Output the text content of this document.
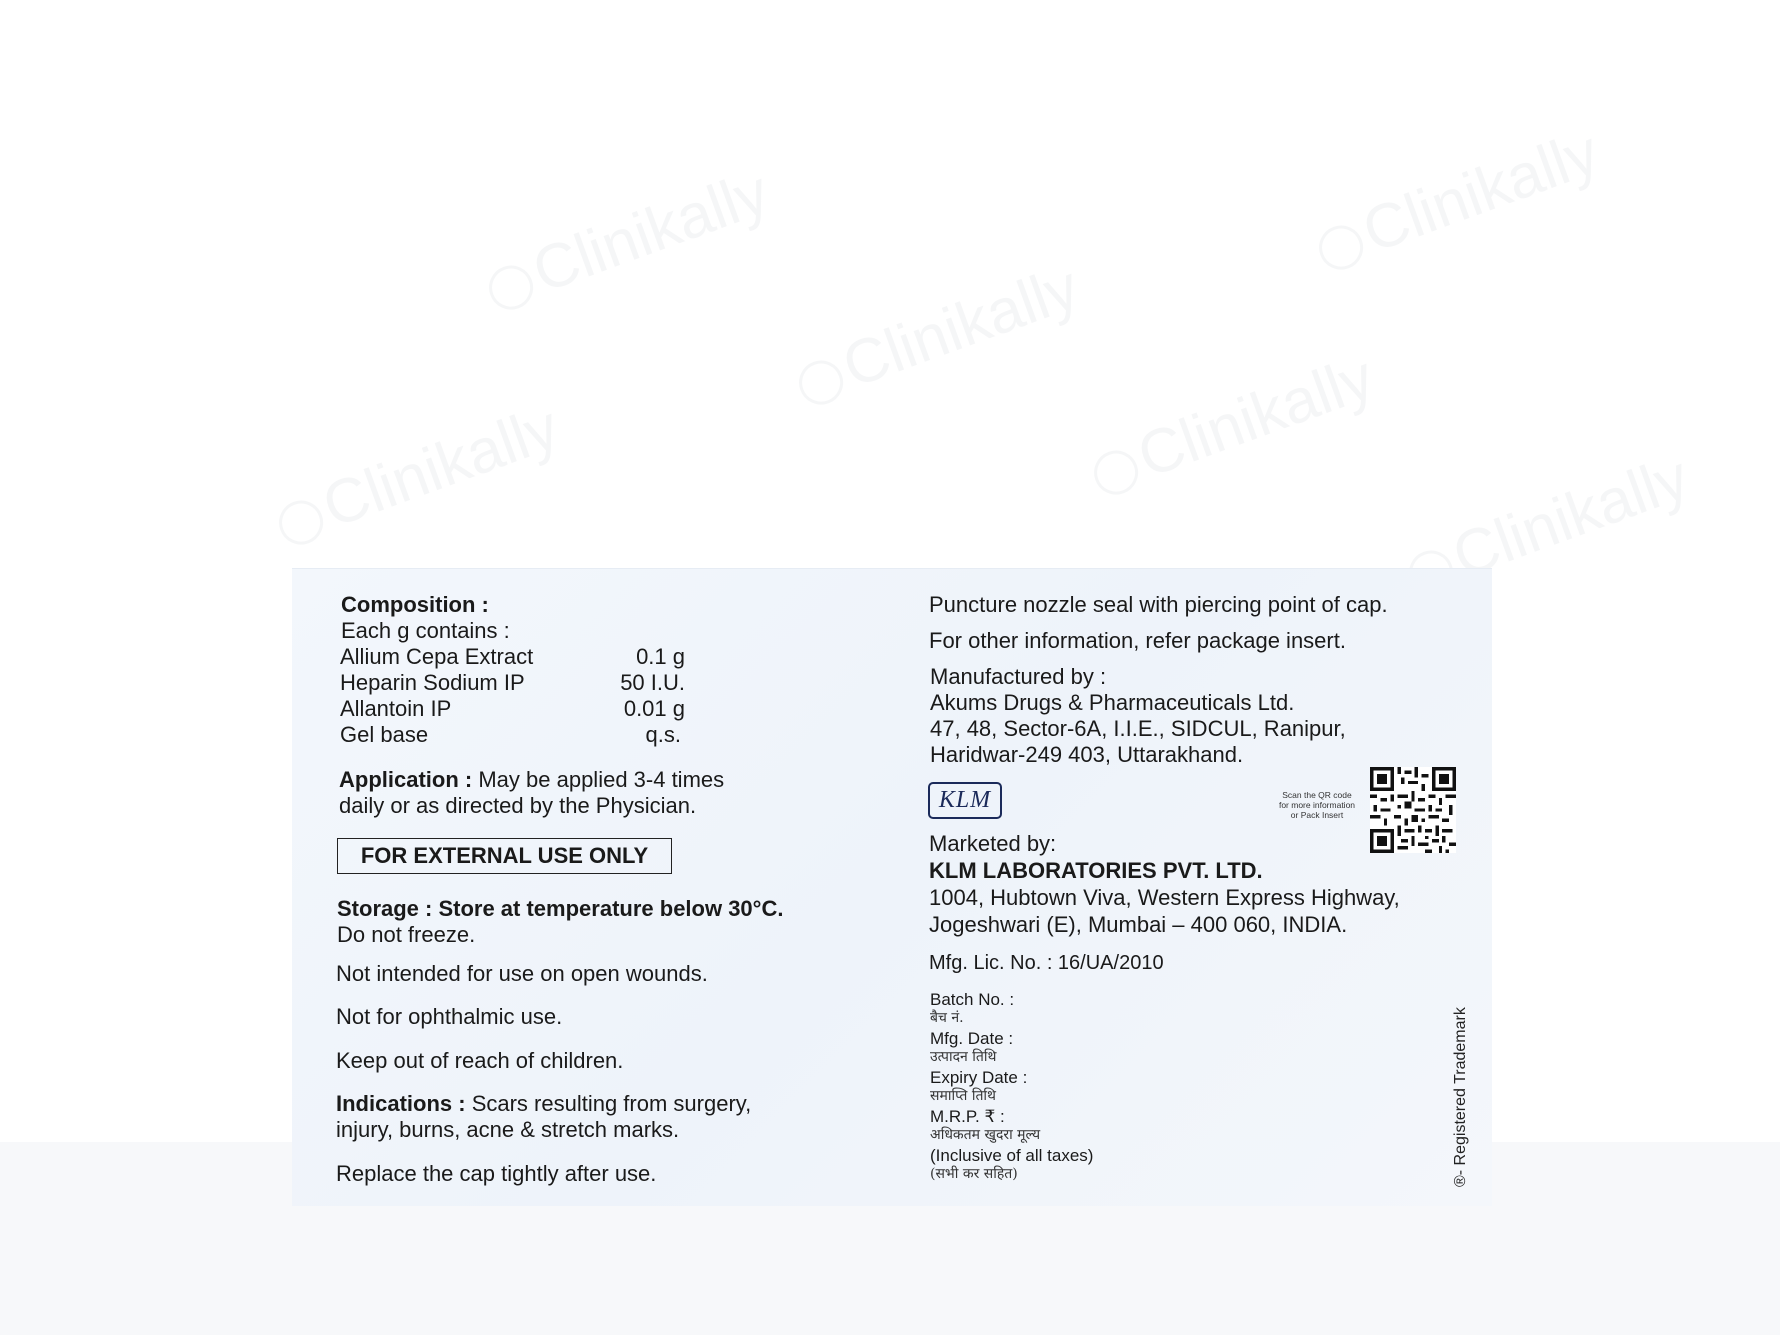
Clinikally	Clinikally
Clinikally
Clinikally	Clinikally
Clinikally
Composition :
Each g contains :
Allium Cepa Extract	0.1 g
Heparin Sodium IP	50 I.U.
Allantoin IP	0.01 g
Gel base	q.s.
Application : May be applied 3-4 times
daily or as directed by the Physician.
FOR EXTERNAL USE ONLY
Storage : Store at temperature below 30°C.
Do not freeze.
Not intended for use on open wounds.
Not for ophthalmic use.
Keep out of reach of children.
Indications : Scars resulting from surgery,
injury, burns, acne & stretch marks.
Replace the cap tightly after use.
Puncture nozzle seal with piercing point of cap.
For other information, refer package insert.
Manufactured by :
Akums Drugs & Pharmaceuticals Ltd.
47, 48, Sector-6A, I.I.E., SIDCUL, Ranipur,
Haridwar-249 403, Uttarakhand.
KLM	Scan the QR code
for more information
or Pack Insert
Marketed by:
KLM LABORATORIES PVT. LTD.
1004, Hubtown Viva, Western Express Highway,
Jogeshwari (E), Mumbai – 400 060, INDIA.
Mfg. Lic. No. : 16/UA/2010
Batch No. :
बैच नं.
Mfg. Date :
उत्पादन तिथि
Expiry Date :
समाप्ति तिथि
M.R.P. ₹ :
अधिकतम खुदरा मूल्य
(Inclusive of all taxes)
(सभी कर सहित)	®- Registered Trademark
